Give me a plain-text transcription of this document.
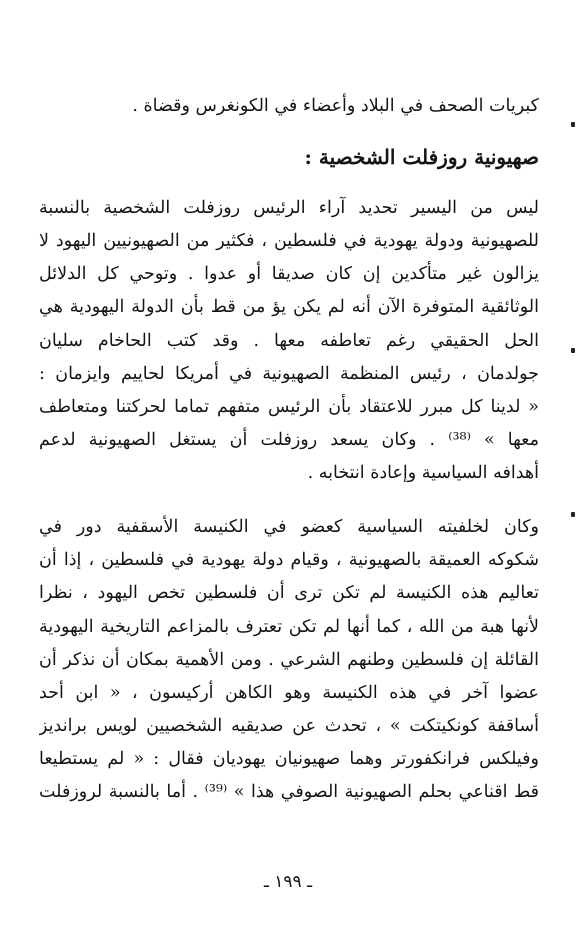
كبريات الصحف في البلاد وأعضاء في الكونغرس وقضاة .
صهيونية روزفلت الشخصية :
ليس من اليسير تحديد آراء الرئيس روزفلت الشخصية بالنسبة
للصهيونية ودولة يهودية في فلسطين ، فكثير من الصهيونيين اليهود لا
يزالون غير متأكدين إن كان صديقا أو عدوا . وتوحي كل الدلائل
الوثائقية المتوفرة الآن أنه لم يكن يؤ من قط بأن الدولة اليهودية هي
الحل الحقيقي رغم تعاطفه معها . وقد كتب الحاخام سليان
جولدمان ، رئيس المنظمة الصهيونية في أمريكا لحاييم وايزمان :
« لدينا كل مبرر للاعتقاد بأن الرئيس متفهم تماما لحركتنا ومتعاطف
معها » ⁽³⁸⁾ . وكان يسعد روزفلت أن يستغل الصهيونية لدعم
أهدافه السياسية وإعادة انتخابه .
وكان لخلفيته السياسية كعضو في الكنيسة الأسقفية دور في
شكوكه العميقة بالصهيونية ، وقيام دولة يهودية في فلسطين ، إذا أن
تعاليم هذه الكنيسة لم تكن ترى أن فلسطين تخص اليهود ، نظرا
لأنها هبة من الله ، كما أنها لم تكن تعترف بالمزاعم التاريخية اليهودية
القائلة إن فلسطين وطنهم الشرعي . ومن الأهمية بمكان أن نذكر أن
عضوا آخر في هذه الكنيسة وهو الكاهن أركيسون ، « ابن أحد
أساقفة كونكيتكت » ، تحدث عن صديقيه الشخصيين لويس برانديز
وفيلكس فرانكفورتر وهما صهيونيان يهوديان فقال : « لم يستطيعا
قط اقناعي بحلم الصهيونية الصوفي هذا » ⁽³⁹⁾ . أما بالنسبة لروزفلت
ـ ١٩٩ ـ
